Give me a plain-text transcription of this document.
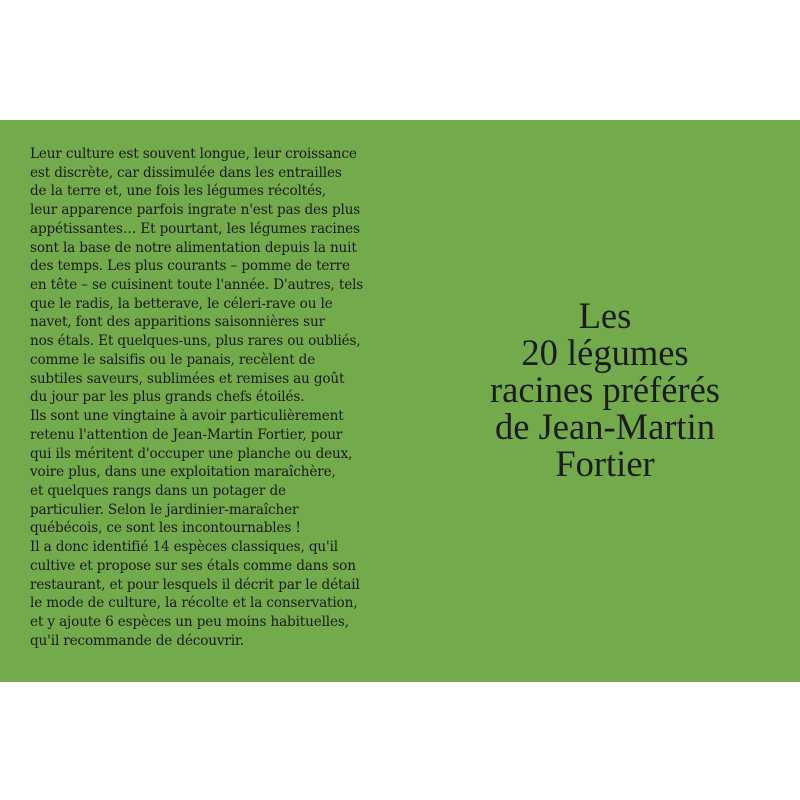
Leur culture est souvent longue, leur croissance
est discrète, car dissimulée dans les entrailles
de la terre et, une fois les légumes récoltés,
leur apparence parfois ingrate n'est pas des plus
appétissantes… Et pourtant, les légumes racines
sont la base de notre alimentation depuis la nuit
des temps. Les plus courants – pomme de terre
en tête – se cuisinent toute l'année. D'autres, tels
que le radis, la betterave, le céleri-rave ou le
navet, font des apparitions saisonnières sur
nos étals. Et quelques-uns, plus rares ou oubliés,
comme le salsifis ou le panais, recèlent de
subtiles saveurs, sublimées et remises au goût
du jour par les plus grands chefs étoilés.
Ils sont une vingtaine à avoir particulièrement
retenu l'attention de Jean-Martin Fortier, pour
qui ils méritent d'occuper une planche ou deux,
voire plus, dans une exploitation maraîchère,
et quelques rangs dans un potager de
particulier. Selon le jardinier-maraîcher
québécois, ce sont les incontournables !
Il a donc identifié 14 espèces classiques, qu'il
cultive et propose sur ses étals comme dans son
restaurant, et pour lesquels il décrit par le détail
le mode de culture, la récolte et la conservation,
et y ajoute 6 espèces un peu moins habituelles,
qu'il recommande de découvrir.
Les
20 légumes
racines préférés
de Jean-Martin
Fortier
